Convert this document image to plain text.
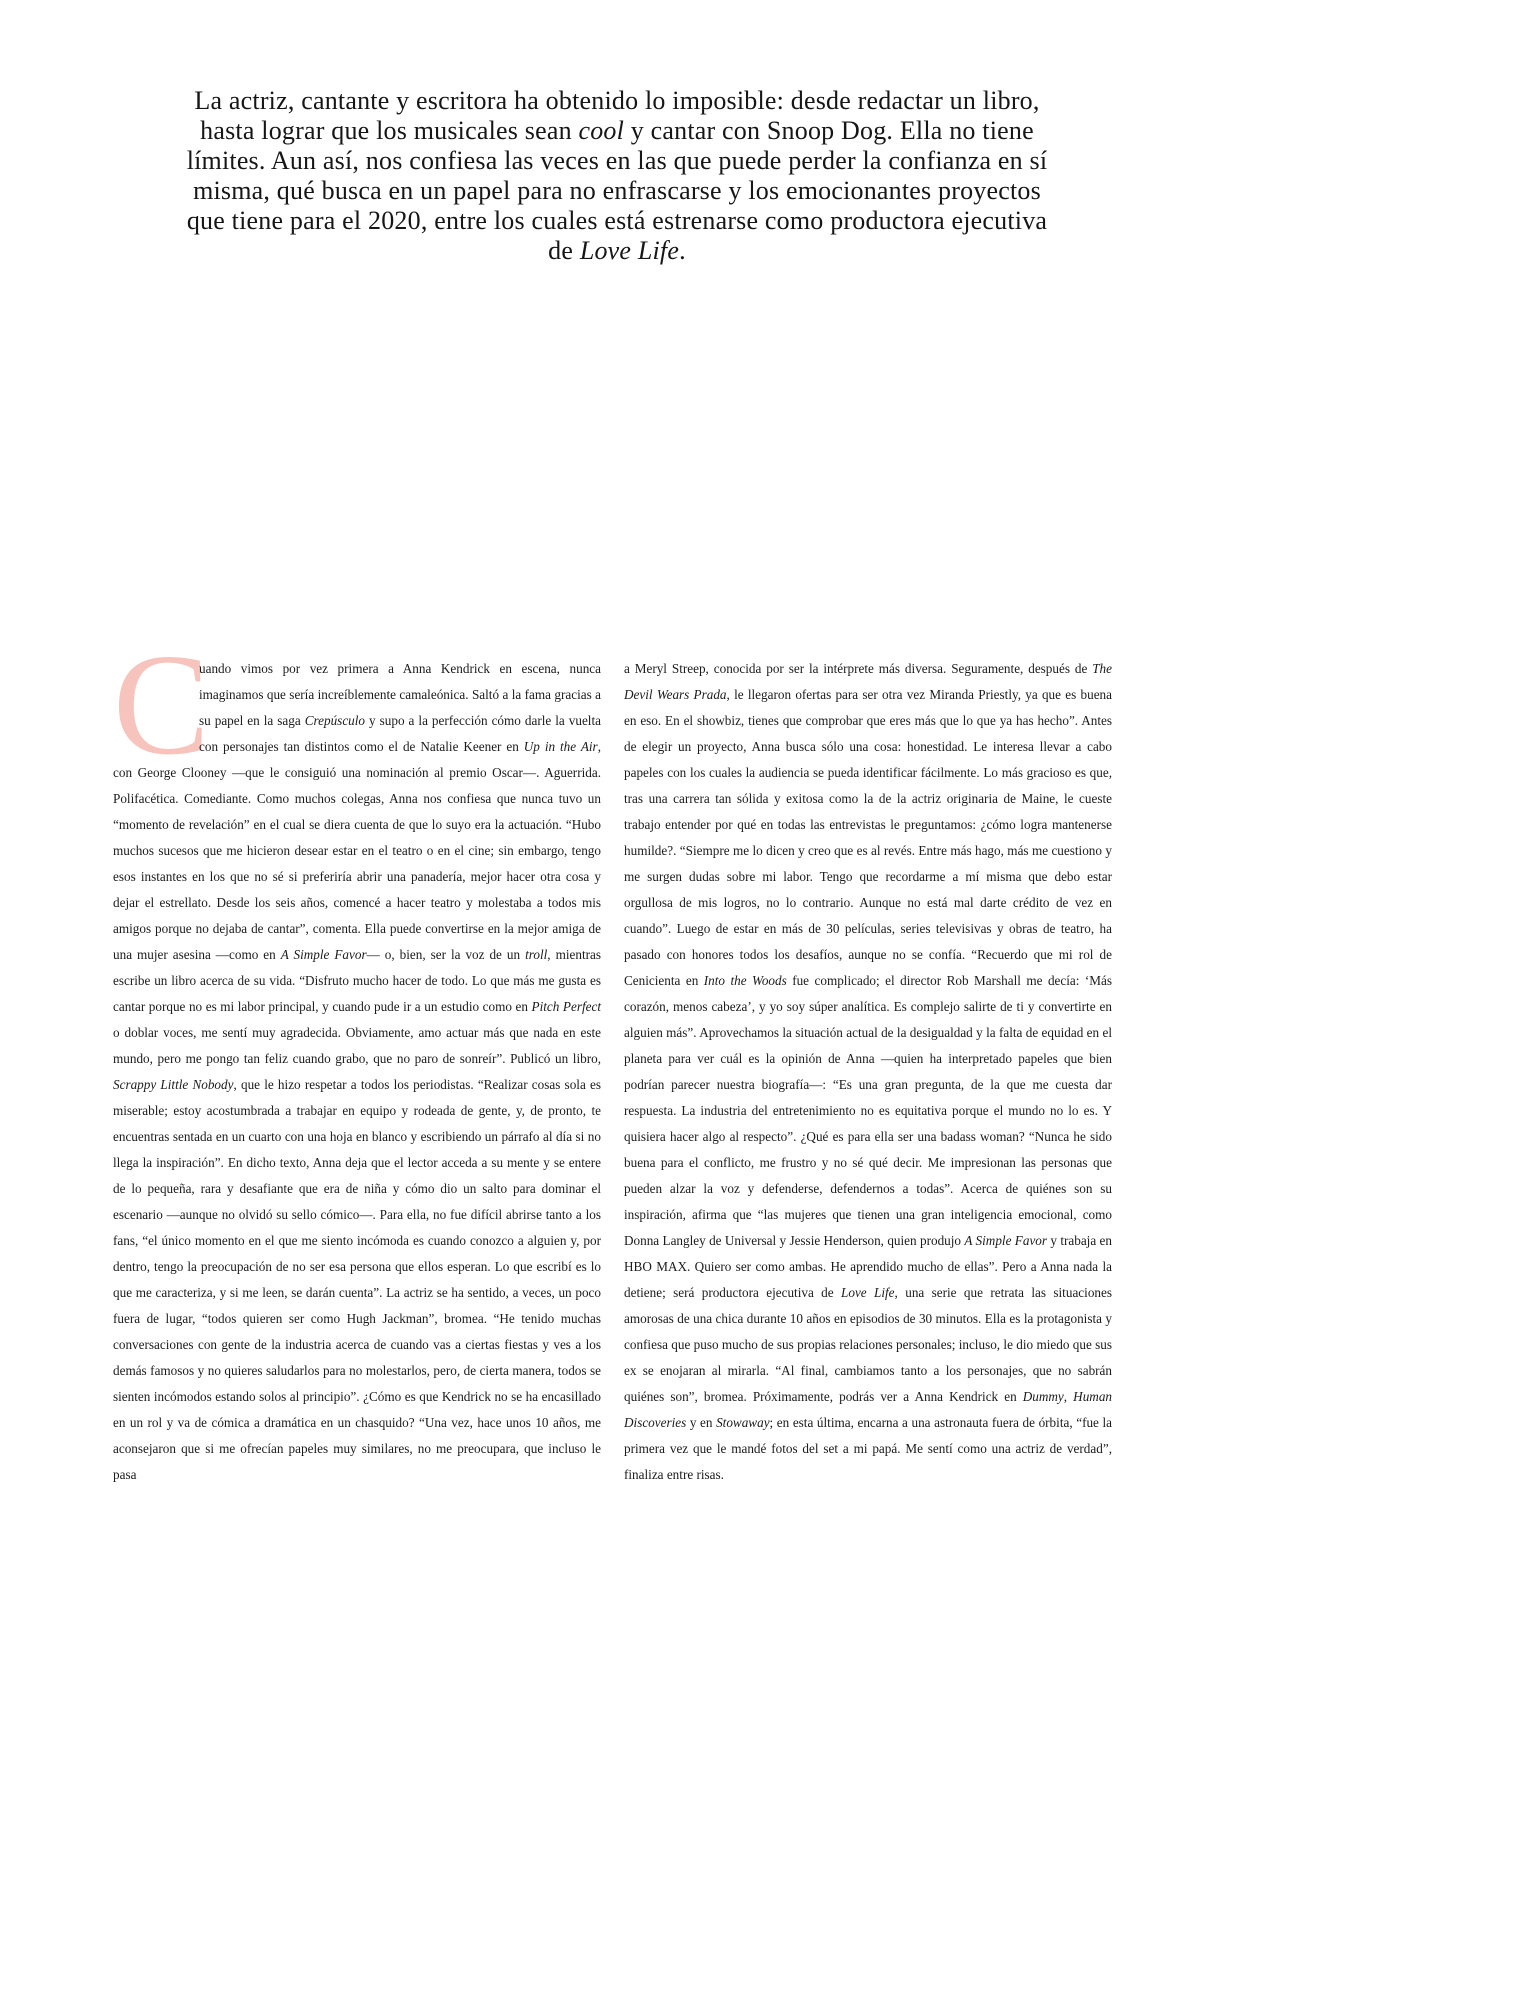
La actriz, cantante y escritora ha obtenido lo imposible: desde redactar un libro, hasta lograr que los musicales sean cool y cantar con Snoop Dog. Ella no tiene límites. Aun así, nos confiesa las veces en las que puede perder la confianza en sí misma, qué busca en un papel para no enfrascarse y los emocionantes proyectos que tiene para el 2020, entre los cuales está estrenarse como productora ejecutiva de Love Life.

C
uando vimos por vez primera a Anna Kendrick en escena, nunca imaginamos que sería increíblemente camaleónica. Saltó a la fama gracias a su papel en la saga Crepúsculo y supo a la perfección cómo darle la vuelta con personajes tan distintos como el de Natalie Keener en Up in the Air, con George Clooney —que le consiguió una nominación al premio Oscar—. Aguerrida. Polifacética. Comediante. Como muchos colegas, Anna nos confiesa que nunca tuvo un “momento de revelación” en el cual se diera cuenta de que lo suyo era la actuación. “Hubo muchos sucesos que me hicieron desear estar en el teatro o en el cine; sin embargo, tengo esos instantes en los que no sé si preferiría abrir una panadería, mejor hacer otra cosa y dejar el estrellato. Desde los seis años, comencé a hacer teatro y molestaba a todos mis amigos porque no dejaba de cantar”, comenta. Ella puede convertirse en la mejor amiga de una mujer asesina —como en A Simple Favor— o, bien, ser la voz de un troll, mientras escribe un libro acerca de su vida. “Disfruto mucho hacer de todo. Lo que más me gusta es cantar porque no es mi labor principal, y cuando pude ir a un estudio como en Pitch Perfect o doblar voces, me sentí muy agradecida. Obviamente, amo actuar más que nada en este mundo, pero me pongo tan feliz cuando grabo, que no paro de sonreír”. Publicó un libro, Scrappy Little Nobody, que le hizo respetar a todos los periodistas. “Realizar cosas sola es miserable; estoy acostumbrada a trabajar en equipo y rodeada de gente, y, de pronto, te encuentras sentada en un cuarto con una hoja en blanco y escribiendo un párrafo al día si no llega la inspiración”. En dicho texto, Anna deja que el lector acceda a su mente y se entere de lo pequeña, rara y desafiante que era de niña y cómo dio un salto para dominar el escenario —aunque no olvidó su sello cómico—. Para ella, no fue difícil abrirse tanto a los fans, “el único momento en el que me siento incómoda es cuando conozco a alguien y, por dentro, tengo la preocupación de no ser esa persona que ellos esperan. Lo que escribí es lo que me caracteriza, y si me leen, se darán cuenta”. La actriz se ha sentido, a veces, un poco fuera de lugar, “todos quieren ser como Hugh Jackman”, bromea. “He tenido muchas conversaciones con gente de la industria acerca de cuando vas a ciertas fiestas y ves a los demás famosos y no quieres saludarlos para no molestarlos, pero, de cierta manera, todos se sienten incómodos estando solos al principio”. ¿Cómo es que Kendrick no se ha encasillado en un rol y va de cómica a dramática en un chasquido? “Una vez, hace unos 10 años, me aconsejaron que si me ofrecían papeles muy similares, no me preocupara, que incluso le pasa
a Meryl Streep, conocida por ser la intérprete más diversa. Seguramente, después de The Devil Wears Prada, le llegaron ofertas para ser otra vez Miranda Priestly, ya que es buena en eso. En el showbiz, tienes que comprobar que eres más que lo que ya has hecho”. Antes de elegir un proyecto, Anna busca sólo una cosa: honestidad. Le interesa llevar a cabo papeles con los cuales la audiencia se pueda identificar fácilmente. Lo más gracioso es que, tras una carrera tan sólida y exitosa como la de la actriz originaria de Maine, le cueste trabajo entender por qué en todas las entrevistas le preguntamos: ¿cómo logra mantenerse humilde?. “Siempre me lo dicen y creo que es al revés. Entre más hago, más me cuestiono y me surgen dudas sobre mi labor. Tengo que recordarme a mí misma que debo estar orgullosa de mis logros, no lo contrario. Aunque no está mal darte crédito de vez en cuando”. Luego de estar en más de 30 películas, series televisivas y obras de teatro, ha pasado con honores todos los desafíos, aunque no se confía. “Recuerdo que mi rol de Cenicienta en Into the Woods fue complicado; el director Rob Marshall me decía: ‘Más corazón, menos cabeza’, y yo soy súper analítica. Es complejo salirte de ti y convertirte en alguien más”. Aprovechamos la situación actual de la desigualdad y la falta de equidad en el planeta para ver cuál es la opinión de Anna —quien ha interpretado papeles que bien podrían parecer nuestra biografía—: “Es una gran pregunta, de la que me cuesta dar respuesta. La industria del entretenimiento no es equitativa porque el mundo no lo es. Y quisiera hacer algo al respecto”. ¿Qué es para ella ser una badass woman? “Nunca he sido buena para el conflicto, me frustro y no sé qué decir. Me impresionan las personas que pueden alzar la voz y defenderse, defendernos a todas”. Acerca de quiénes son su inspiración, afirma que “las mujeres que tienen una gran inteligencia emocional, como Donna Langley de Universal y Jessie Henderson, quien produjo A Simple Favor y trabaja en HBO MAX. Quiero ser como ambas. He aprendido mucho de ellas”. Pero a Anna nada la detiene; será productora ejecutiva de Love Life, una serie que retrata las situaciones amorosas de una chica durante 10 años en episodios de 30 minutos. Ella es la protagonista y confiesa que puso mucho de sus propias relaciones personales; incluso, le dio miedo que sus ex se enojaran al mirarla. “Al final, cambiamos tanto a los personajes, que no sabrán quiénes son”, bromea. Próximamente, podrás ver a Anna Kendrick en Dummy, Human Discoveries y en Stowaway; en esta última, encarna a una astronauta fuera de órbita, “fue la primera vez que le mandé fotos del set a mi papá. Me sentí como una actriz de verdad”, finaliza entre risas.
